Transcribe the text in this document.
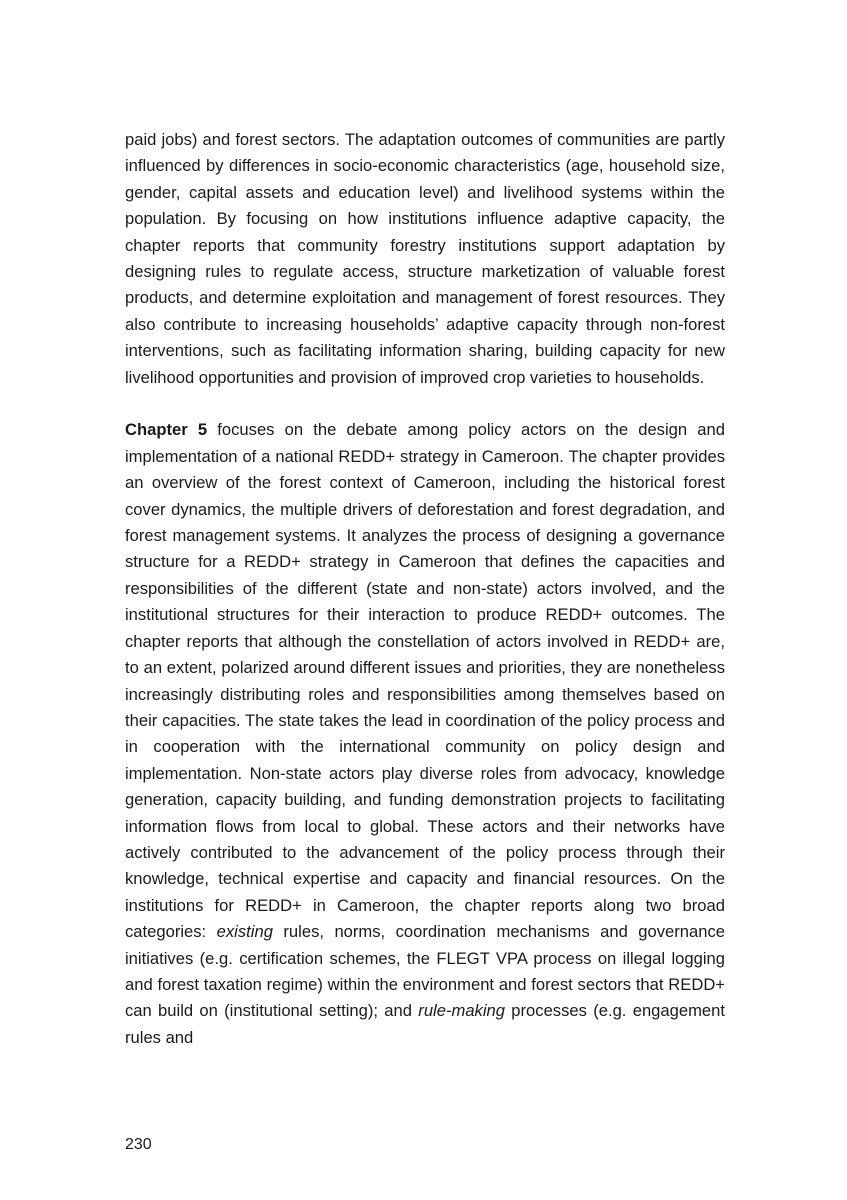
paid jobs) and forest sectors. The adaptation outcomes of communities are partly influenced by differences in socio-economic characteristics (age, household size, gender, capital assets and education level) and livelihood systems within the population. By focusing on how institutions influence adaptive capacity, the chapter reports that community forestry institutions support adaptation by designing rules to regulate access, structure marketization of valuable forest products, and determine exploitation and management of forest resources. They also contribute to increasing households’ adaptive capacity through non-forest interventions, such as facilitating information sharing, building capacity for new livelihood opportunities and provision of improved crop varieties to households.

Chapter 5 focuses on the debate among policy actors on the design and implementation of a national REDD+ strategy in Cameroon. The chapter provides an overview of the forest context of Cameroon, including the historical forest cover dynamics, the multiple drivers of deforestation and forest degradation, and forest management systems. It analyzes the process of designing a governance structure for a REDD+ strategy in Cameroon that defines the capacities and responsibilities of the different (state and non-state) actors involved, and the institutional structures for their interaction to produce REDD+ outcomes. The chapter reports that although the constellation of actors involved in REDD+ are, to an extent, polarized around different issues and priorities, they are nonetheless increasingly distributing roles and responsibilities among themselves based on their capacities. The state takes the lead in coordination of the policy process and in cooperation with the international community on policy design and implementation. Non-state actors play diverse roles from advocacy, knowledge generation, capacity building, and funding demonstration projects to facilitating information flows from local to global. These actors and their networks have actively contributed to the advancement of the policy process through their knowledge, technical expertise and capacity and financial resources. On the institutions for REDD+ in Cameroon, the chapter reports along two broad categories: existing rules, norms, coordination mechanisms and governance initiatives (e.g. certification schemes, the FLEGT VPA process on illegal logging and forest taxation regime) within the environment and forest sectors that REDD+ can build on (institutional setting); and rule-making processes (e.g. engagement rules and

230
